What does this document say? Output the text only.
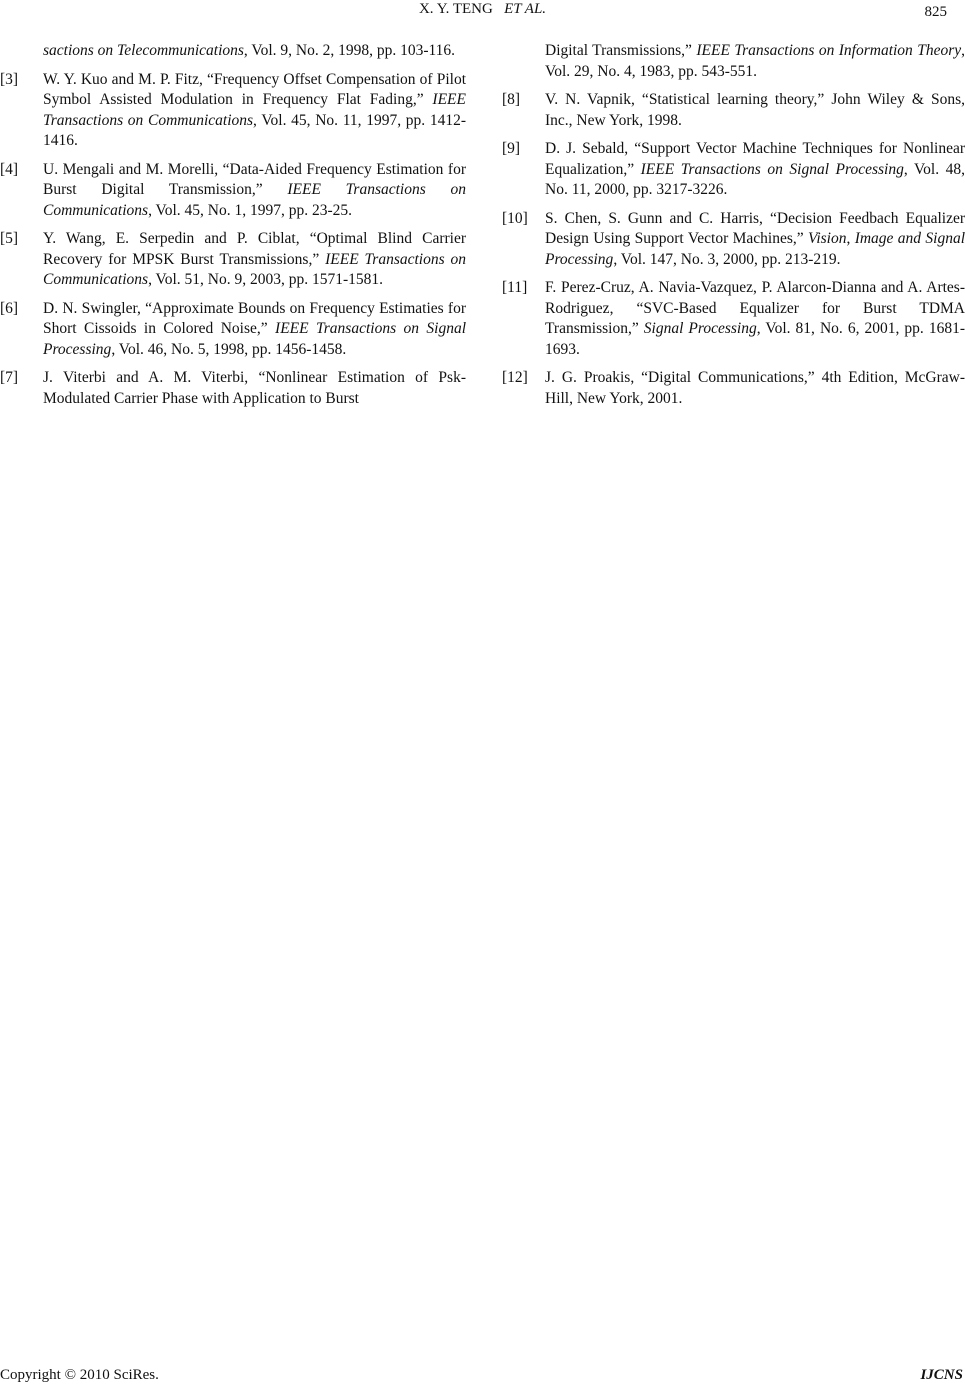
X. Y. TENG ET AL.	825
sactions on Telecommunications, Vol. 9, No. 2, 1998, pp. 103-116.
[3] W. Y. Kuo and M. P. Fitz, “Frequency Offset Compensation of Pilot Symbol Assisted Modulation in Frequency Flat Fading,” IEEE Transactions on Communications, Vol. 45, No. 11, 1997, pp. 1412-1416.
[4] U. Mengali and M. Morelli, “Data-Aided Frequency Estimation for Burst Digital Transmission,” IEEE Transactions on Communications, Vol. 45, No. 1, 1997, pp. 23-25.
[5] Y. Wang, E. Serpedin and P. Ciblat, “Optimal Blind Carrier Recovery for MPSK Burst Transmissions,” IEEE Transactions on Communications, Vol. 51, No. 9, 2003, pp. 1571-1581.
[6] D. N. Swingler, “Approximate Bounds on Frequency Estimaties for Short Cissoids in Colored Noise,” IEEE Transactions on Signal Processing, Vol. 46, No. 5, 1998, pp. 1456-1458.
[7] J. Viterbi and A. M. Viterbi, “Nonlinear Estimation of Psk-Modulated Carrier Phase with Application to Burst
Digital Transmissions,” IEEE Transactions on Information Theory, Vol. 29, No. 4, 1983, pp. 543-551.
[8] V. N. Vapnik, “Statistical learning theory,” John Wiley & Sons, Inc., New York, 1998.
[9] D. J. Sebald, “Support Vector Machine Techniques for Nonlinear Equalization,” IEEE Transactions on Signal Processing, Vol. 48, No. 11, 2000, pp. 3217-3226.
[10] S. Chen, S. Gunn and C. Harris, “Decision Feedbach Equalizer Design Using Support Vector Machines,” Vision, Image and Signal Processing, Vol. 147, No. 3, 2000, pp. 213-219.
[11] F. Perez-Cruz, A. Navia-Vazquez, P. Alarcon-Dianna and A. Artes-Rodriguez, “SVC-Based Equalizer for Burst TDMA Transmission,” Signal Processing, Vol. 81, No. 6, 2001, pp. 1681-1693.
[12] J. G. Proakis, “Digital Communications,” 4th Edition, McGraw-Hill, New York, 2001.
Copyright © 2010 SciRes.	IJCNS
